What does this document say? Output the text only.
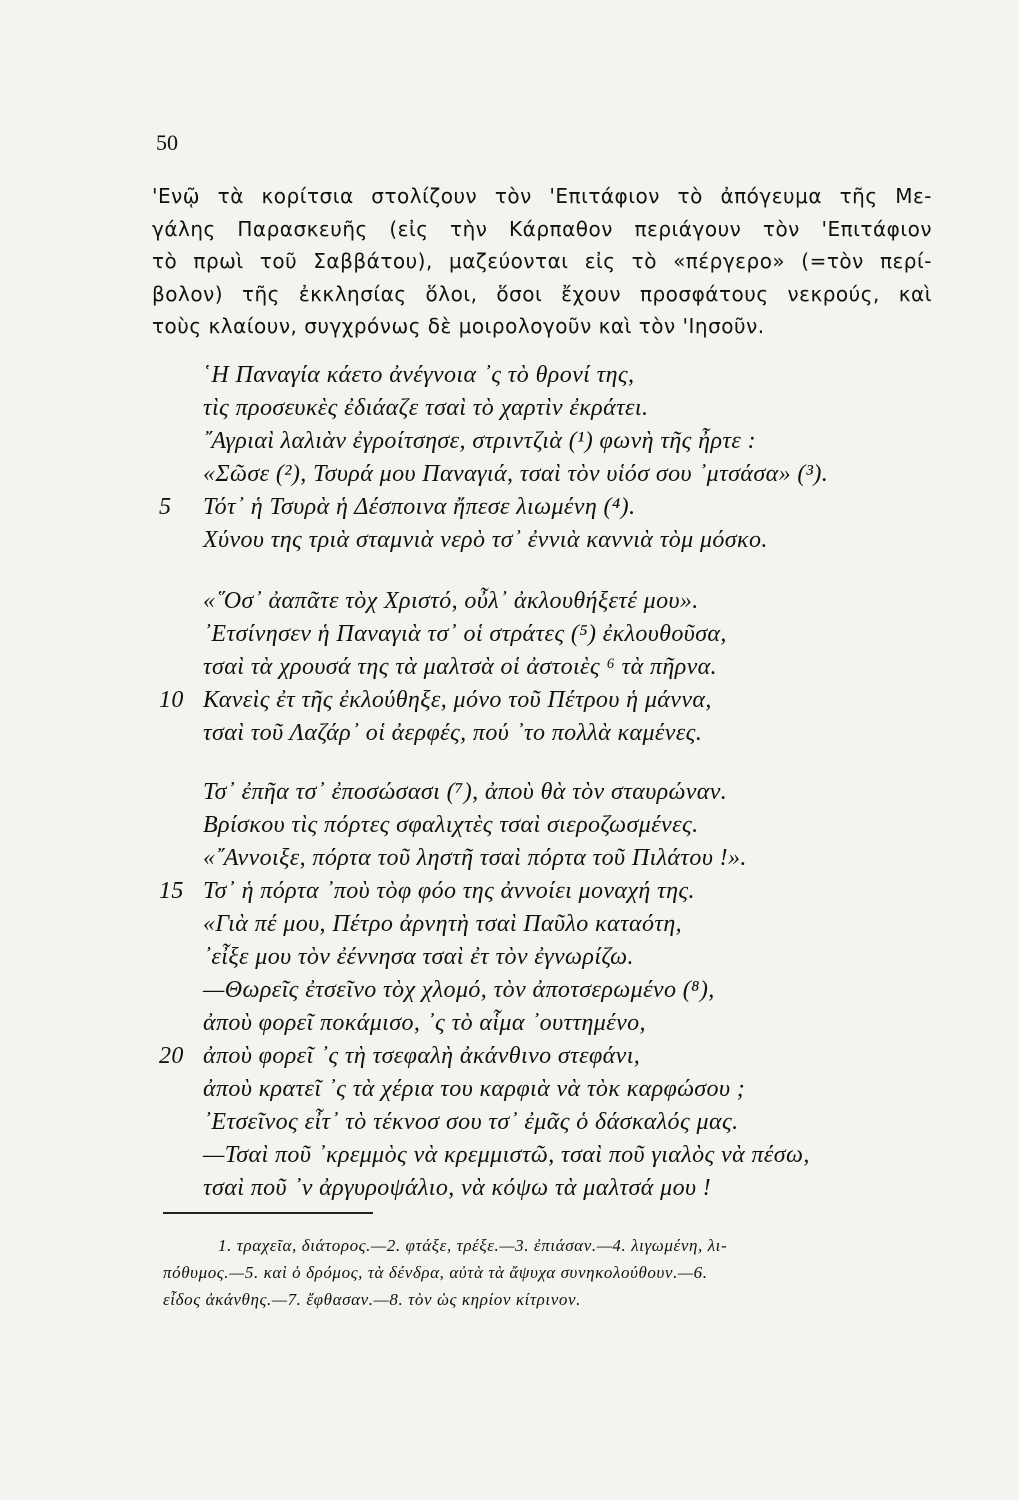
50
'Ενῷ τὰ κορίτσια στολίζουν τὸν 'Επιτάφιον τὸ ἀπόγευμα τῆς Με-
γάλης Παρασκευῆς (εἰς τὴν Κάρπαθον περιάγουν τὸν 'Επιτάφιον
τὸ πρωὶ τοῦ Σαββάτου), μαζεύονται εἰς τὸ «πέργερο» (=τὸν περί-
βολον) τῆς ἐκκλησίας ὅλοι, ὅσοι ἔχουν προσφάτους νεκρούς, καὶ
τοὺς κλαίουν, συγχρόνως δὲ μοιρολογοῦν καὶ τὸν 'Ιησοῦν.
῾Η Παναγία κάετο ἀνέγνοια ᾽ς τὸ θρονί της,
τὶς προσευκὲς ἐδιάαζε τσαὶ τὸ χαρτὶν ἐκράτει.
῎Αγριαὶ λαλιὰν ἐγροίτσησε, στριντζιὰ (¹) φωνὴ τῆς ἦρτε :
«Σῶσε (²), Τσυρά μου Παναγιά, τσαὶ τὸν υἱόσ σου ᾽μτσάσα» (³).
5 Τότ᾽ ἡ Τσυρὰ ἡ Δέσποινα ἤπεσε λιωμένη (⁴).
Χύνου της τριὰ σταμνιὰ νερὸ τσ᾽ ἐννιὰ καννιὰ τὸμ μόσκο.
«῞Οσ᾽ ἀαπᾶτε τὸχ Χριστό, οὖλ᾽ ἀκλουθήξετέ μου».
᾽Ετσίνησεν ἡ Παναγιὰ τσ᾽ οἱ στράτες (⁵) ἐκλουθοῦσα,
τσαὶ τὰ χρουσά της τὰ μαλτσὰ οἱ ἀστοιὲς ⁶ τὰ πῆρνα.
10 Κανεὶς ἐτ τῆς ἐκλούθηξε, μόνο τοῦ Πέτρου ἡ μάννα,
τσαὶ τοῦ Λαζάρ᾽ οἱ ἀερφές, πού ᾽το πολλὰ καμένες.
Τσ᾽ ἐπῆα τσ᾽ ἐποσώσασι (⁷), ἀποὺ θὰ τὸν σταυρώναν.
Βρίσκου τὶς πόρτες σφαλιχτὲς τσαὶ σιεροζωσμένες.
«῎Αννοιξε, πόρτα τοῦ ληστῆ τσαὶ πόρτα τοῦ Πιλάτου !».
15 Τσ᾽ ἡ πόρτα ᾽ποὺ τὸφ φόο της ἀννοίει μοναχή της.
«Γιὰ πέ μου, Πέτρο ἀρνητὴ τσαὶ Παῦλο καταότη,
᾽εἶξε μου τὸν ἐέννησα τσαὶ ἐτ τὸν ἐγνωρίζω.
—Θωρεῖς ἐτσεῖνο τὸχ χλομό, τὸν ἀποτσερωμένο (⁸),
ἀποὺ φορεῖ ποκάμισο, ᾽ς τὸ αἷμα ᾽ουττημένο,
20 ἀποὺ φορεῖ ᾽ς τὴ τσεφαλὴ ἀκάνθινο στεφάνι,
ἀποὺ κρατεῖ ᾽ς τὰ χέρια του καρφιὰ νὰ τὸκ καρφώσου ;
᾽Ετσεῖνος εἶτ᾽ τὸ τέκνοσ σου τσ᾽ ἐμᾶς ὁ δάσκαλός μας.
—Τσαὶ ποῦ ᾽κρεμμὸς νὰ κρεμμιστῶ, τσαὶ ποῦ γιαλὸς νὰ πέσω,
τσαὶ ποῦ ᾽ν ἀργυροψάλιο, νὰ κόψω τὰ μαλτσά μου !
1. τραχεῖα, διάτορος.—2. φτάξε, τρέξε.—3. ἐπιάσαν.—4. λιγωμένη, λι-
πόθυμος.—5. καὶ ὁ δρόμος, τὰ δένδρα, αὐτὰ τὰ ἄψυχα συνηκολούθουν.—6.
εἶδος ἀκάνθης.—7. ἔφθασαν.—8. τὸν ὡς κηρίον κίτρινον.
